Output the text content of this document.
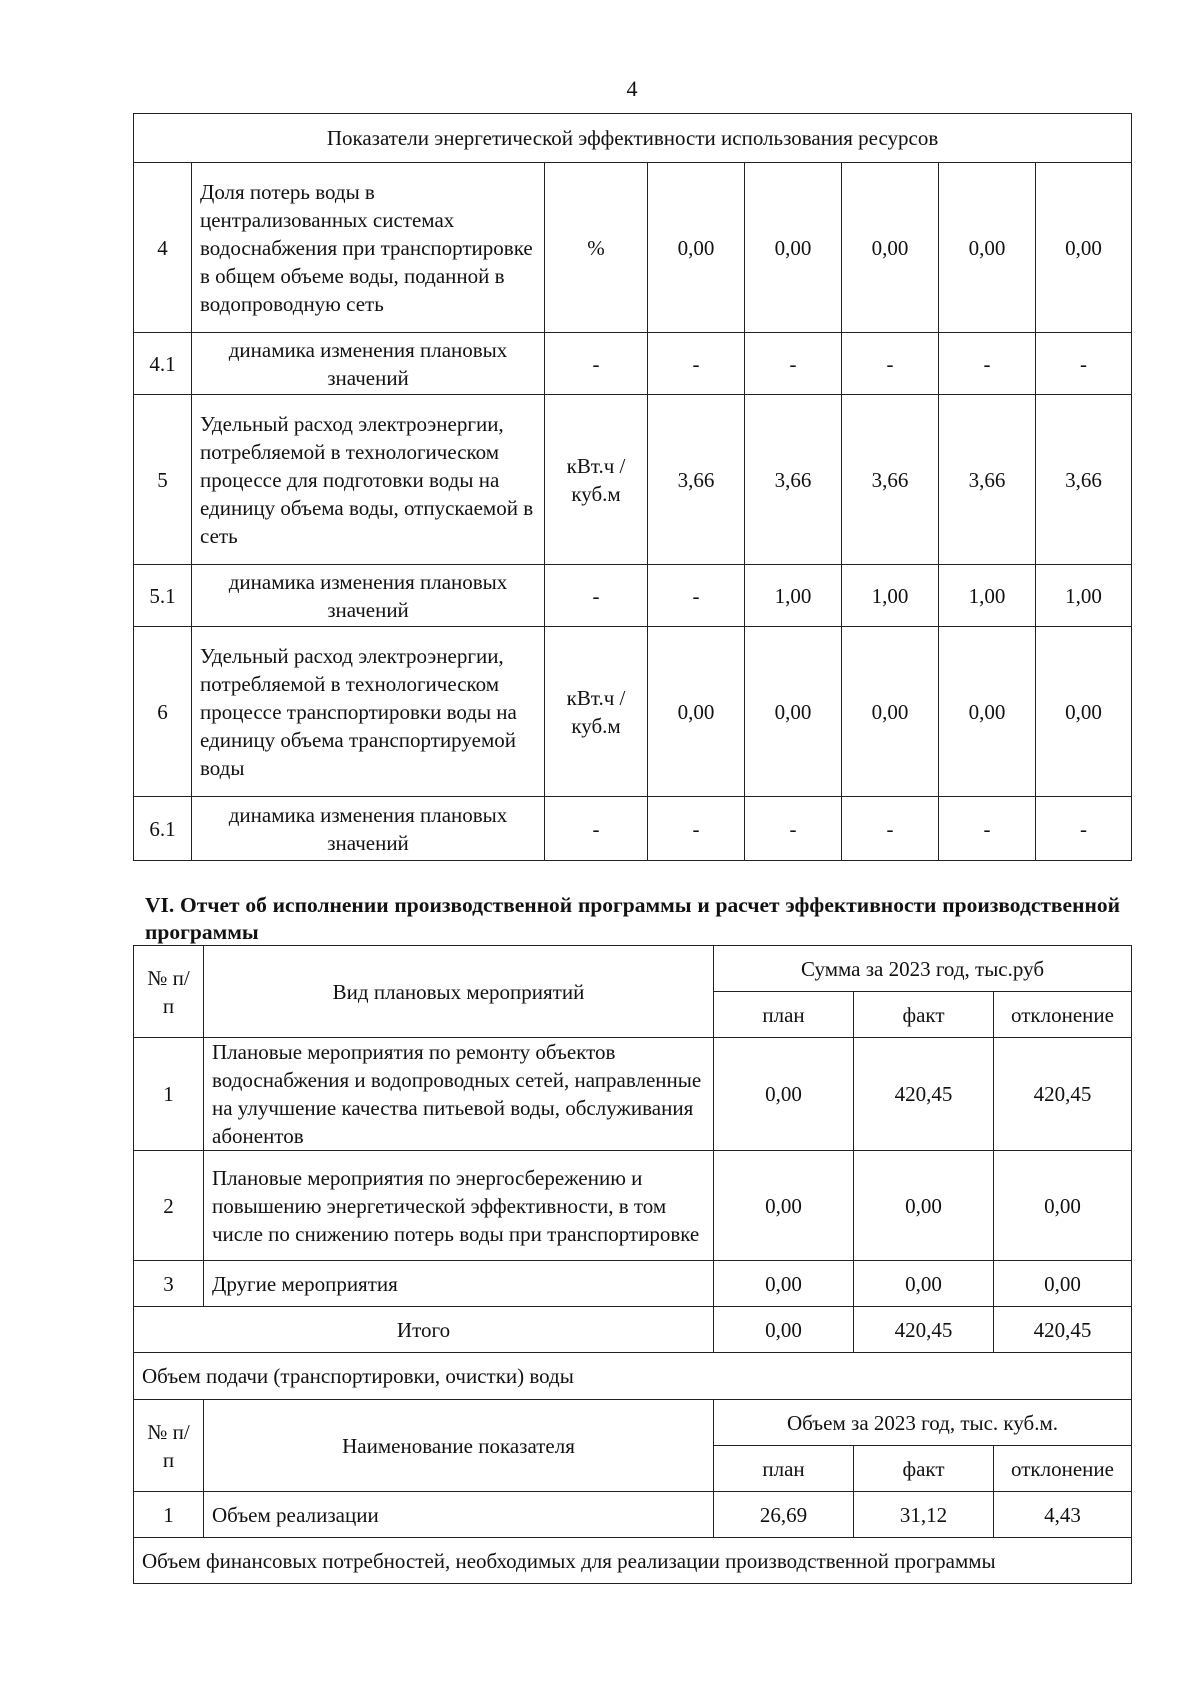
4
Показатели энергетической эффективности использования ресурсов							
4	Доля потерь воды в централизованных системах водоснабжения при транспортировке в общем объеме воды, поданной в водопроводную сеть	%	0,00	0,00	0,00	0,00	0,00
4.1	динамика изменения плановых значений	-	-	-	-	-	-
5	Удельный расход электроэнергии, потребляемой в технологическом процессе для подготовки воды на единицу объема воды, отпускаемой в сеть	кВт.ч / куб.м	3,66	3,66	3,66	3,66	3,66
5.1	динамика изменения плановых значений	-	-	1,00	1,00	1,00	1,00
6	Удельный расход электроэнергии, потребляемой в технологическом процессе транспортировки воды на единицу объема транспортируемой воды	кВт.ч / куб.м	0,00	0,00	0,00	0,00	0,00
6.1	динамика изменения плановых значений	-	-	-	-	-	-
VI. Отчет об исполнении производственной программы и расчет эффективности производственной программы
№ п/п	Вид плановых мероприятий	Сумма за 2023 год, тыс.руб		
		план	факт	отклонение
1	Плановые мероприятия по ремонту объектов водоснабжения и водопроводных сетей, направленные на улучшение качества питьевой воды, обслуживания абонентов	0,00	420,45	420,45
2	Плановые мероприятия по энергосбережению и повышению энергетической эффективности, в том числе по снижению потерь воды при транспортировке	0,00	0,00	0,00
3	Другие мероприятия	0,00	0,00	0,00
Итого		0,00	420,45	420,45
Объем подачи (транспортировки, очистки) воды				
№ п/п	Наименование показателя	Объем за 2023 год, тыс. куб.м.		
		план	факт	отклонение
1	Объем реализации	26,69	31,12	4,43
Объем финансовых потребностей, необходимых для реализации производственной программы				
